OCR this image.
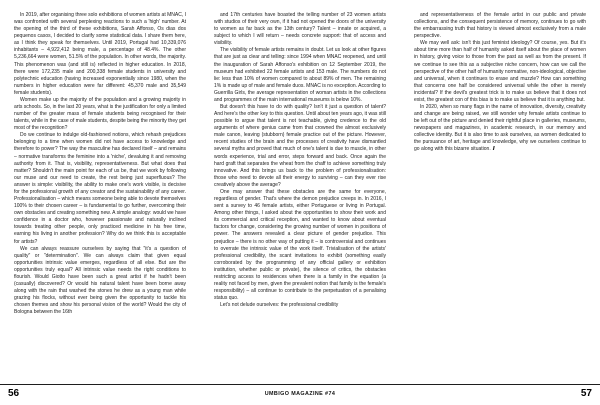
In 2019, after organising three solo exhibitions of women artists at MNAC, I was confronted with several perplexing reactions to such a 'high' number. At the opening of the third of these exhibitions, Sarah Affonso, Os dias dos pequenos casos, I decided to clarify some statistical data. I share them here, as I think they speak for themselves. Until 2019, Portugal had 10,339,076 inhabitants – 4,922,412 being male, a percentage of 48.4%. The other 5,236,664 were women, 51.5% of the population. In other words, the majority. This phenomenon was (and still is) reflected in higher education. In 2018, there were 172,235 male and 200,338 female students in university and polytechnic education (having increased exponentially since 1980, when the numbers in higher education were far different: 45,370 male and 35,549 female students).

Women make up the majority of the population and a growing majority in arts schools. So, in the last 20 years, what is the justification for only a limited number of the greater mass of female students being recognised for their talents, while in the case of male students, despite being the minority they get most of the recognition?

Do we continue to indulge old-fashioned notions, which rehash prejudices belonging to a time when women did not have access to knowledge and therefore to power? The way the masculine has declared itself – and remains – normative transforms the feminine into a 'niche', devaluing it and removing authority from it. That is, visibility, representativeness. But what does that matter? Shouldn't the main point for each of us be, that we work by following our muse and our need to create, the rest being just superfluous? The answer is simple: visibility, the ability to make one's work visible, is decisive for the professional growth of any creator and the sustainability of any career. Professionalisation – which means someone being able to devote themselves 100% to their chosen career – is fundamental to go further, overcoming their own obstacles and creating something new. A simple analogy: would we have confidence in a doctor who, however passionate and naturally inclined towards treating other people, only practiced medicine in his free time, earning his living in another profession? Why do we think this is acceptable for artists?

We can always reassure ourselves by saying that "it's a question of quality" or "determination". We can always claim that given equal opportunities intrinsic value emerges, regardless of all else. But are the opportunities truly equal? All intrinsic value needs the right conditions to flourish. Would Giotto have been such a great artist if he hadn't been (casually) discovered? Or would his natural talent have been borne away along with the rain that washed the stones he drew as a young man while grazing his flocks, without ever being given the opportunity to tackle his chosen themes and show his personal vision of the world? Would the city of Bologna between the 16th

and 17th centuries have boasted the telling number of 23 women artists with studios of their very own, if it had not opened the doors of the university to women as far back as the 13th century? Talent – innate or acquired, a subject to which I will return – needs concrete support: that of access and visibility.

The visibility of female artists remains in doubt. Let us look at other figures that are just as clear and telling: since 1994 when MNAC reopened, and until the inauguration of Sarah Affonso's exhibition on 12 September 2019, the museum had exhibited 22 female artists and 153 male. The numbers do not lie: less than 10% of women compared to about 89% of men. The remaining 1% is made up of male and female duos. MNAC is no exception. According to Guerrilla Girls, the average representation of woman artists in the collections and programmes of the main international museums is below 10%.

But doesn't this have to do with quality? Isn't it just a question of talent? And here's the other key to this question. Until about ten years ago, it was still possible to argue that talent is not teachable, giving credence to the old arguments of where genius came from that crowned the almost exclusively male canon, leaving (stubborn) female practice out of the picture. However, recent studies of the brain and the processes of creativity have dismantled several myths and proved that much of one's talent is due to muscle, in other words experience, trial and error, steps forward and back. Once again the hard graft that separates the wheat from the chaff to achieve something truly innovative. And this brings us back to the problem of professionalisation: those who need to devote all their energy to surviving – can they ever rise creatively above the average?

One may answer that these obstacles are the same for everyone, regardless of gender. That's where the demon prejudice creeps in. In 2016, I sent a survey to 46 female artists, either Portuguese or living in Portugal. Among other things, I asked about the opportunities to show their work and its commercial and critical reception, and wanted to know about eventual factors for change, considering the growing number of women in positions of power. The answers revealed a clear picture of gender prejudice. This prejudice – there is no other way of putting it – is controversial and continues to overrate the intrinsic value of the work itself. Trivialisation of the artists' professional credibility, the scant invitations to exhibit (something easily corroborated by the programming of any official gallery or exhibition institution, whether public or private), the silence of critics, the obstacles restricting access to residences when there is a family in the equation (a reality not faced by men, given the prevalent notion that family is the female's responsibility) – all continue to contribute to the perpetuation of a penalising status quo.

Let's not delude ourselves: the professional credibility

and representativeness of the female artist in our public and private collections, and the consequent persistence of memory, continues to go with the embarrassing truth that history is viewed almost exclusively from a male perspective.

We may well ask: isn't this just feminist ideology? Of course, yes. But it's about time more than half of humanity asked itself about the place of women in history, giving voice to those from the past as well as from the present. If we continue to see this as a subjective niche concern, how can we call the perspective of the other half of humanity normative, non-ideological, objective and universal, when it continues to erase and muzzle? How can something that concerns one half be considered universal while the other is merely incidental? If the devil's greatest trick is to make us believe that it does not exist, the greatest con of this bias is to make us believe that it is anything but.

In 2020, when so many flags in the name of innovation, diversity, creativity and change are being raised, we still wonder why female artists continue to be left out of the picture and denied their rightful place in galleries, museums, newspapers and magazines, in academic research, in our memory and collective identity. But it is also time to ask ourselves, as women dedicated to the pursuance of art, heritage and knowledge, why we ourselves continue to go along with this bizarre situation. //

56	UMBIGO MAGAZINE #74	57
